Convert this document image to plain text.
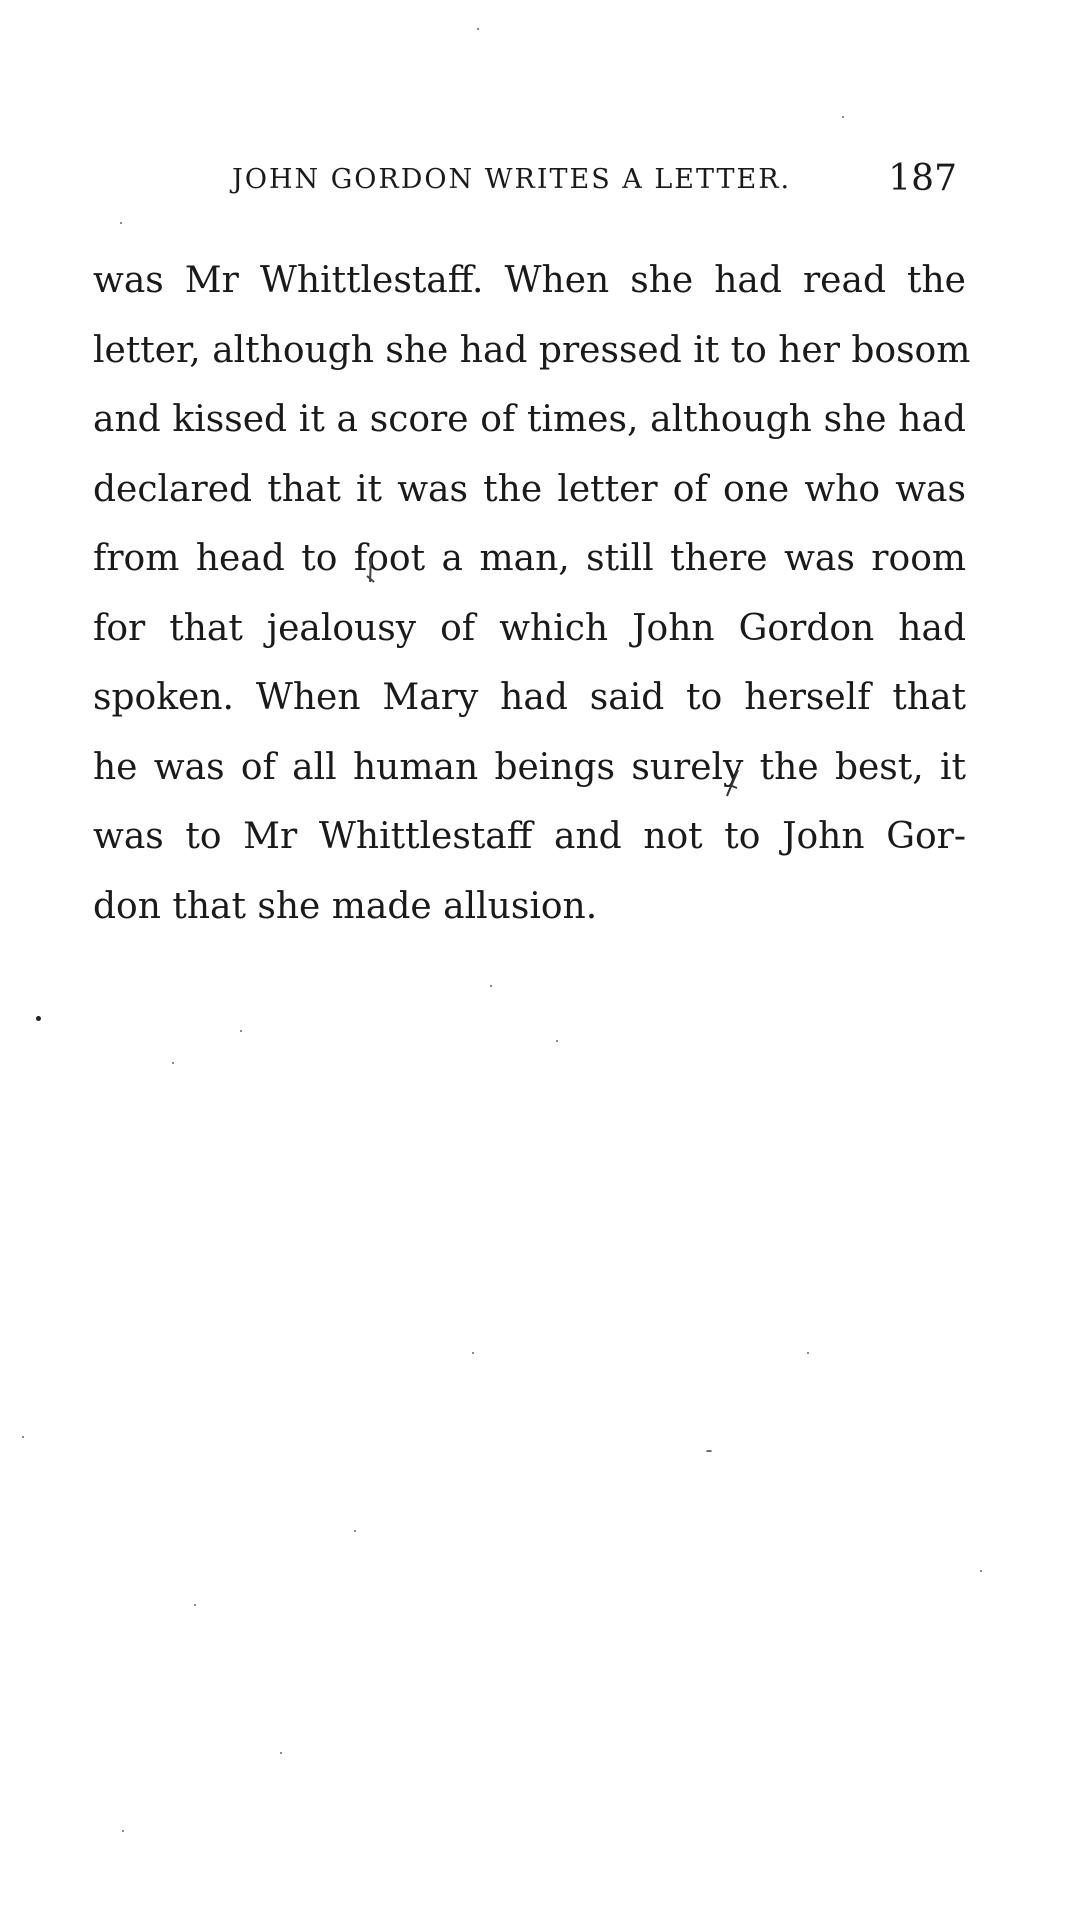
JOHN GORDON WRITES A LETTER.	187
was Mr Whittlestaff. When she had read the
letter, although she had pressed it to her bosom
and kissed it a score of times, although she had
declared that it was the letter of one who was
from head to foot a man, still there was room
for that jealousy of which John Gordon had
spoken. When Mary had said to herself that
he was of all human beings surely the best, it
was to Mr Whittlestaff and not to John Gor-
don that she made allusion.
